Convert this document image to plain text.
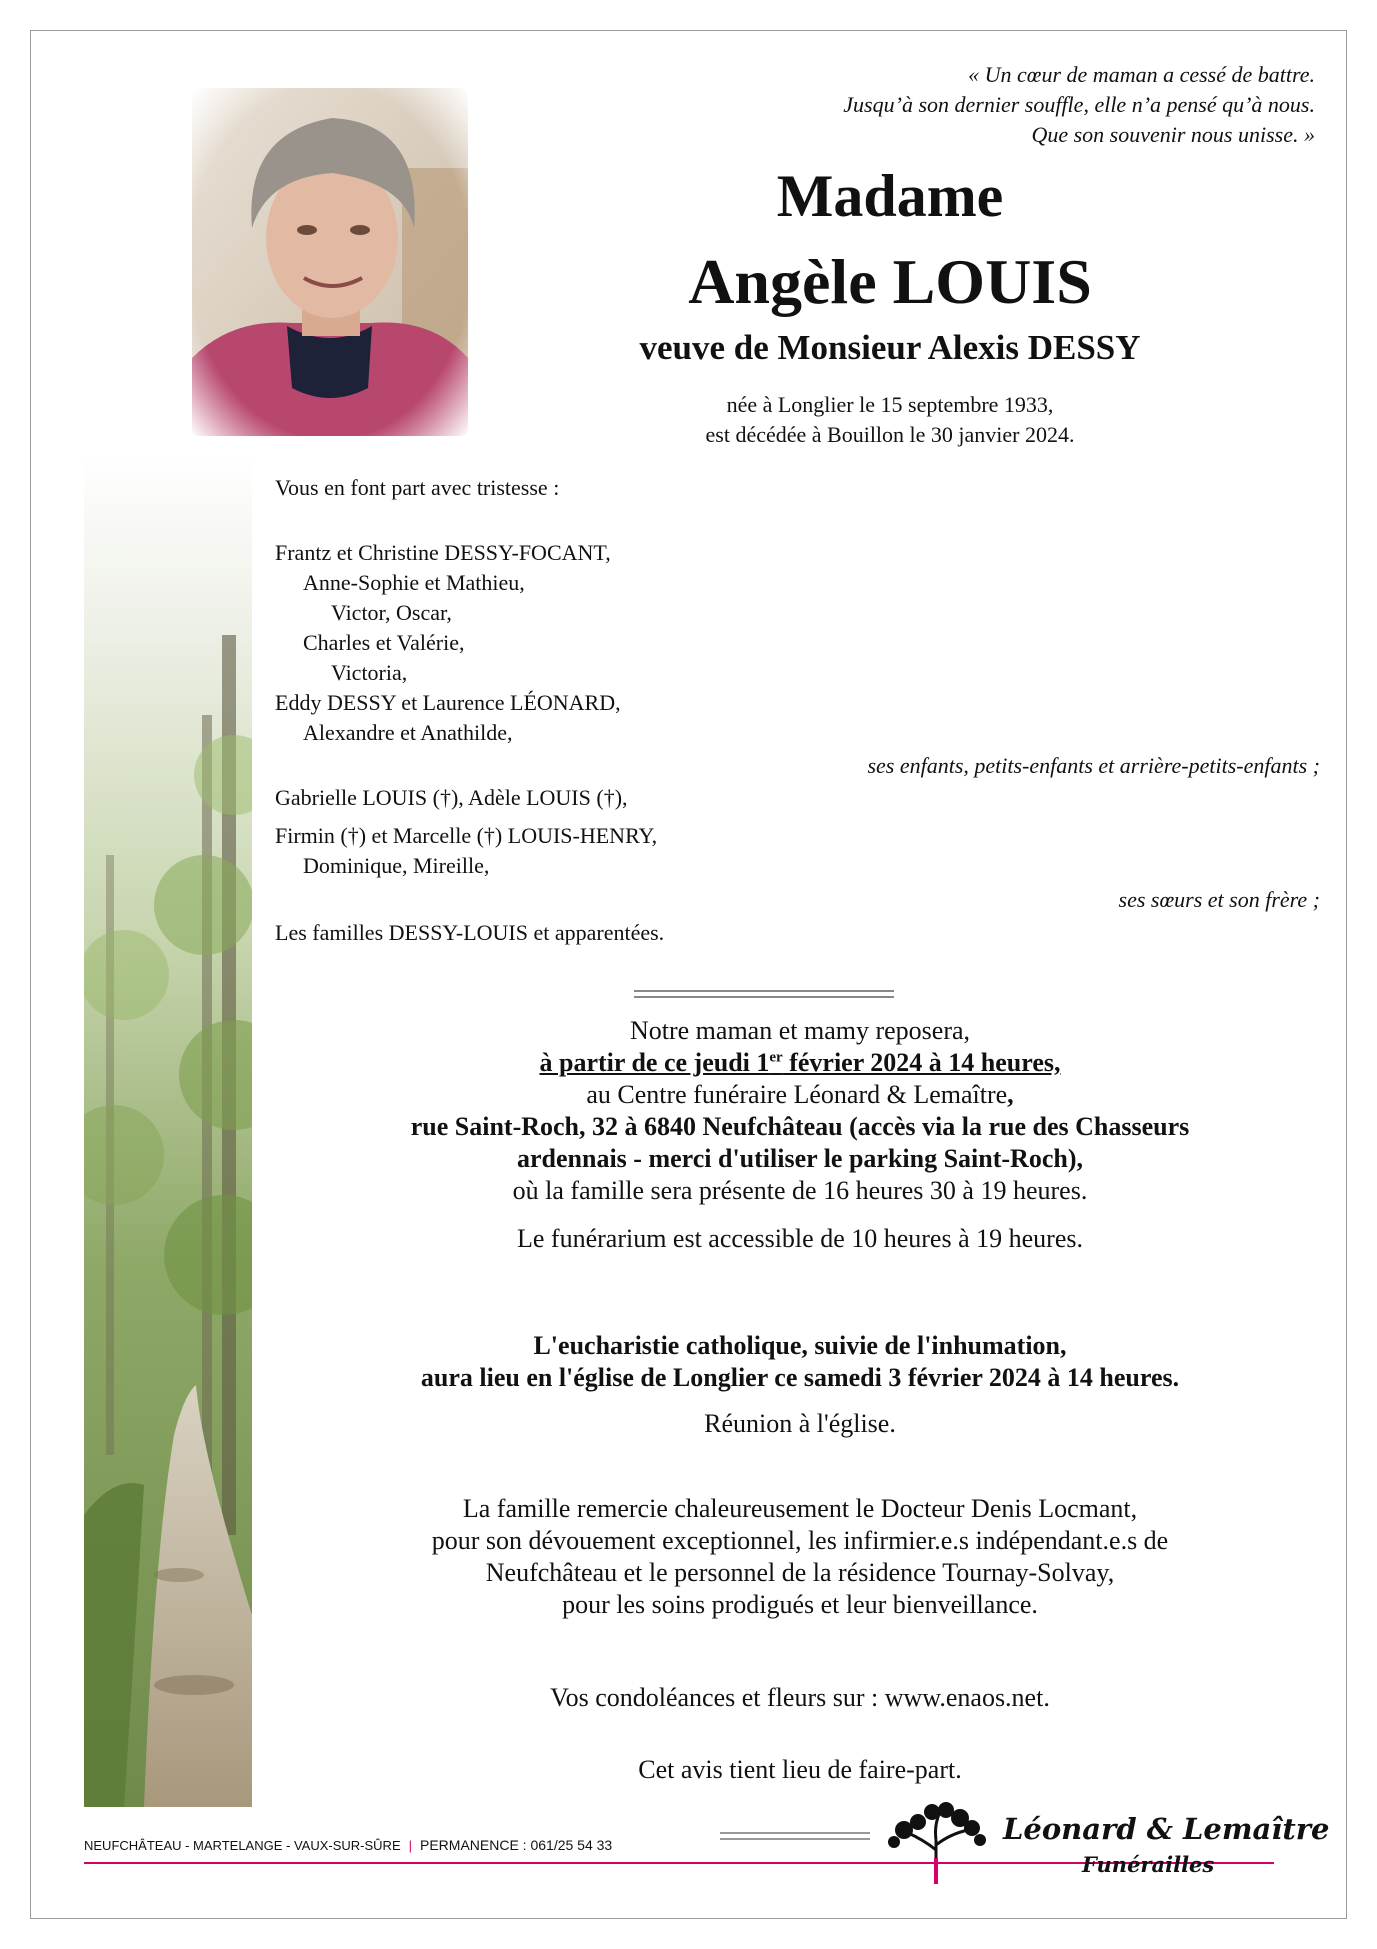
« Un cœur de maman a cessé de battre.
Jusqu’à son dernier souffle, elle n’a pensé qu’à nous.
Que son souvenir nous unisse. »
Madame
Angèle LOUIS
veuve de Monsieur Alexis DESSY
née à Longlier le 15 septembre 1933,
est décédée à Bouillon le 30 janvier 2024.
Vous en font part avec tristesse :
Frantz et Christine DESSY-FOCANT,
Anne-Sophie et Mathieu,
Victor, Oscar,
Charles et Valérie,
Victoria,
Eddy DESSY et Laurence LÉONARD,
Alexandre et Anathilde,
ses enfants, petits-enfants et arrière-petits-enfants ;
Gabrielle LOUIS (†), Adèle LOUIS (†),
Firmin (†) et Marcelle (†) LOUIS-HENRY,
Dominique, Mireille,
ses sœurs et son frère ;
Les familles DESSY-LOUIS et apparentées.
Notre maman et mamy reposera,
à partir de ce jeudi 1er février 2024 à 14 heures,
au Centre funéraire Léonard & Lemaître,
rue Saint-Roch, 32 à 6840 Neufchâteau (accès via la rue des Chasseurs
ardennais - merci d'utiliser le parking Saint-Roch),
où la famille sera présente de 16 heures 30 à 19 heures.
Le funérarium est accessible de 10 heures à 19 heures.
L'eucharistie catholique, suivie de l'inhumation,
aura lieu en l'église de Longlier ce samedi 3 février 2024 à 14 heures.
Réunion à l'église.
La famille remercie chaleureusement le Docteur Denis Locmant,
pour son dévouement exceptionnel, les infirmier.e.s indépendant.e.s de
Neufchâteau et le personnel de la résidence Tournay-Solvay,
pour les soins prodigués et leur bienveillance.
Vos condoléances et fleurs sur : www.enaos.net.
Cet avis tient lieu de faire-part.
NEUFCHÂTEAU - MARTELANGE - VAUX-SUR-SÛRE | PERMANENCE : 061/25 54 33	Léonard & Lemaître
Funérailles
